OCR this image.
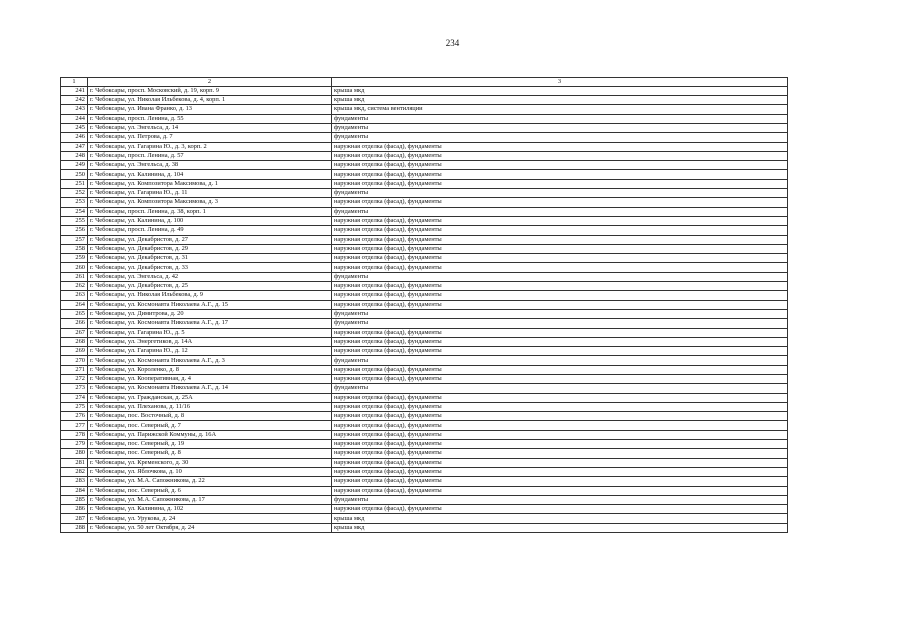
234
1	2	3
241	г. Чебоксары, просп. Московский, д. 19, корп. 9	крыша мкд
242	г. Чебоксары, ул. Николая Ильбекова, д. 4, корп. 1	крыша мкд
243	г. Чебоксары, ул. Ивана Франко, д. 13	крыша мкд, система вентиляции
244	г. Чебоксары, просп. Ленина, д. 55	фундаменты
245	г. Чебоксары, ул. Энгельса, д. 14	фундаменты
246	г. Чебоксары, ул. Петрова, д. 7	фундаменты
247	г. Чебоксары, ул. Гагарина Ю., д. 3, корп. 2	наружная отделка (фасад), фундаменты
248	г. Чебоксары, просп. Ленина, д. 57	наружная отделка (фасад), фундаменты
249	г. Чебоксары, ул. Энгельса, д. 38	наружная отделка (фасад), фундаменты
250	г. Чебоксары, ул. Калинина, д. 104	наружная отделка (фасад), фундаменты
251	г. Чебоксары, ул. Композитора Максимова, д. 1	наружная отделка (фасад), фундаменты
252	г. Чебоксары, ул. Гагарина Ю., д. 11	фундаменты
253	г. Чебоксары, ул. Композитора Максимова, д. 3	наружная отделка (фасад), фундаменты
254	г. Чебоксары, просп. Ленина, д. 38, корп. 1	фундаменты
255	г. Чебоксары, ул. Калинина, д. 100	наружная отделка (фасад), фундаменты
256	г. Чебоксары, просп. Ленина, д. 49	наружная отделка (фасад), фундаменты
257	г. Чебоксары, ул. Декабристов, д. 27	наружная отделка (фасад), фундаменты
258	г. Чебоксары, ул. Декабристов, д. 29	наружная отделка (фасад), фундаменты
259	г. Чебоксары, ул. Декабристов, д. 31	наружная отделка (фасад), фундаменты
260	г. Чебоксары, ул. Декабристов, д. 33	наружная отделка (фасад), фундаменты
261	г. Чебоксары, ул. Энгельса, д. 42	фундаменты
262	г. Чебоксары, ул. Декабристов, д. 25	наружная отделка (фасад), фундаменты
263	г. Чебоксары, ул. Николая Ильбекова, д. 9	наружная отделка (фасад), фундаменты
264	г. Чебоксары, ул. Космонавта Николаева А.Г., д. 15	наружная отделка (фасад), фундаменты
265	г. Чебоксары, ул. Димитрова, д. 20	фундаменты
266	г. Чебоксары, ул. Космонавта Николаева А.Г., д. 17	фундаменты
267	г. Чебоксары, ул. Гагарина Ю., д. 5	наружная отделка (фасад), фундаменты
268	г. Чебоксары, ул. Энергетиков, д. 14А	наружная отделка (фасад), фундаменты
269	г. Чебоксары, ул. Гагарина Ю., д. 12	наружная отделка (фасад), фундаменты
270	г. Чебоксары, ул. Космонавта Николаева А.Г., д. 3	фундаменты
271	г. Чебоксары, ул. Короленко, д. 8	наружная отделка (фасад), фундаменты
272	г. Чебоксары, ул. Кооперативная, д. 4	наружная отделка (фасад), фундаменты
273	г. Чебоксары, ул. Космонавта Николаева А.Г., д. 14	фундаменты
274	г. Чебоксары, ул. Гражданская, д. 25А	наружная отделка (фасад), фундаменты
275	г. Чебоксары, ул. Плеханова, д. 11/16	наружная отделка (фасад), фундаменты
276	г. Чебоксары, пос. Восточный, д. 8	наружная отделка (фасад), фундаменты
277	г. Чебоксары, пос. Северный, д. 7	наружная отделка (фасад), фундаменты
278	г. Чебоксары, ул. Парижской Коммуны, д. 16А	наружная отделка (фасад), фундаменты
279	г. Чебоксары, пос. Северный, д. 19	наружная отделка (фасад), фундаменты
280	г. Чебоксары, пос. Северный, д. 8	наружная отделка (фасад), фундаменты
281	г. Чебоксары, ул. Кременского, д. 30	наружная отделка (фасад), фундаменты
282	г. Чебоксары, ул. Яблочкова, д. 10	наружная отделка (фасад), фундаменты
283	г. Чебоксары, ул. М.А. Сапожникова, д. 22	наружная отделка (фасад), фундаменты
284	г. Чебоксары, пос. Северный, д. 6	наружная отделка (фасад), фундаменты
285	г. Чебоксары, ул. М.А. Сапожникова, д. 17	фундаменты
286	г. Чебоксары, ул. Калинина, д. 102	наружная отделка (фасад), фундаменты
287	г. Чебоксары, ул. Урукова, д. 24	крыша мкд
288	г. Чебоксары, ул. 50 лет Октября, д. 24	крыша мкд
